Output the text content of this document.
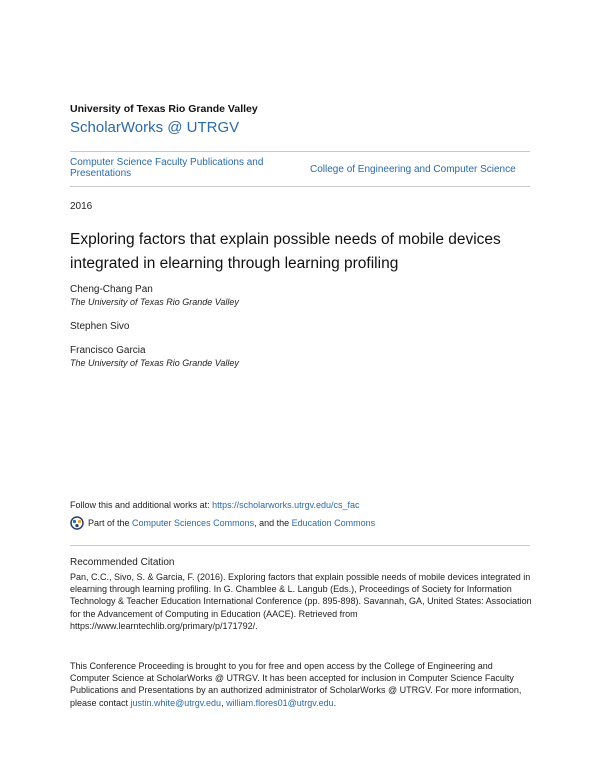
University of Texas Rio Grande Valley
ScholarWorks @ UTRGV
Computer Science Faculty Publications and Presentations	College of Engineering and Computer Science
2016
Exploring factors that explain possible needs of mobile devices integrated in elearning through learning profiling
Cheng-Chang Pan
The University of Texas Rio Grande Valley
Stephen Sivo
Francisco Garcia
The University of Texas Rio Grande Valley
Follow this and additional works at: https://scholarworks.utrgv.edu/cs_fac
Part of the Computer Sciences Commons, and the Education Commons
Recommended Citation
Pan, C.C., Sivo, S. & Garcia, F. (2016). Exploring factors that explain possible needs of mobile devices integrated in elearning through learning profiling. In G. Chamblee & L. Langub (Eds.), Proceedings of Society for Information Technology & Teacher Education International Conference (pp. 895-898). Savannah, GA, United States: Association for the Advancement of Computing in Education (AACE). Retrieved from https://www.learntechlib.org/primary/p/171792/.
This Conference Proceeding is brought to you for free and open access by the College of Engineering and Computer Science at ScholarWorks @ UTRGV. It has been accepted for inclusion in Computer Science Faculty Publications and Presentations by an authorized administrator of ScholarWorks @ UTRGV. For more information, please contact justin.white@utrgv.edu, william.flores01@utrgv.edu.
